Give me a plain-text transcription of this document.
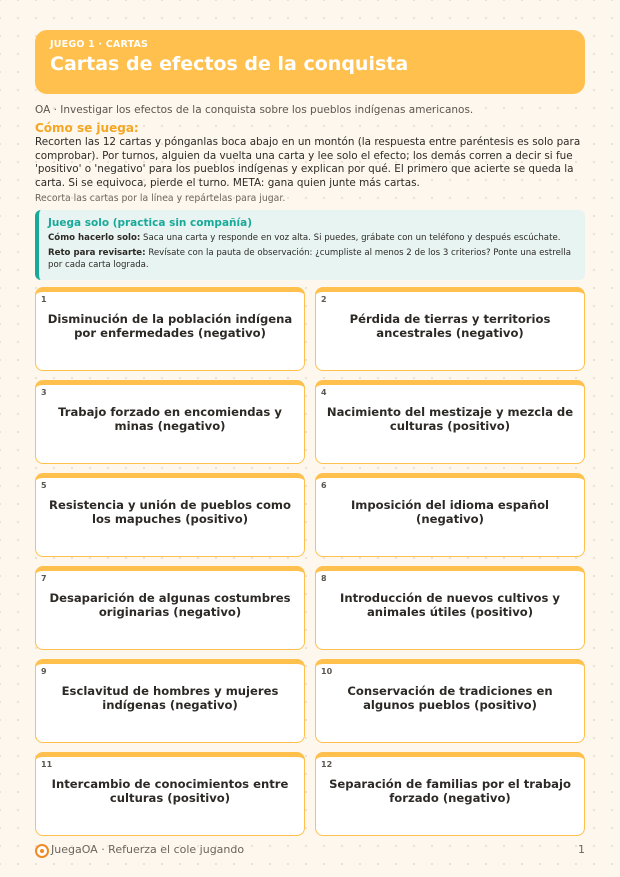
JUEGO 1 · CARTAS
Cartas de efectos de la conquista
OA · Investigar los efectos de la conquista sobre los pueblos indígenas americanos.
Cómo se juega:
Recorten las 12 cartas y pónganlas boca abajo en un montón (la respuesta entre paréntesis es solo para comprobar). Por turnos, alguien da vuelta una carta y lee solo el efecto; los demás corren a decir si fue 'positivo' o 'negativo' para los pueblos indígenas y explican por qué. El primero que acierte se queda la carta. Si se equivoca, pierde el turno. META: gana quien junte más cartas.
Recorta las cartas por la línea y repártelas para jugar.
Juega solo (practica sin compañía)
Cómo hacerlo solo: Saca una carta y responde en voz alta. Si puedes, grábate con un teléfono y después escúchate.
Reto para revisarte: Revísate con la pauta de observación: ¿cumpliste al menos 2 de los 3 criterios? Ponte una estrella por cada carta lograda.
1
Disminución de la población indígena por enfermedades (negativo)
2
Pérdida de tierras y territorios ancestrales (negativo)
3
Trabajo forzado en encomiendas y minas (negativo)
4
Nacimiento del mestizaje y mezcla de culturas (positivo)
5
Resistencia y unión de pueblos como los mapuches (positivo)
6
Imposición del idioma español (negativo)
7
Desaparición de algunas costumbres originarias (negativo)
8
Introducción de nuevos cultivos y animales útiles (positivo)
9
Esclavitud de hombres y mujeres indígenas (negativo)
10
Conservación de tradiciones en algunos pueblos (positivo)
11
Intercambio de conocimientos entre culturas (positivo)
12
Separación de familias por el trabajo forzado (negativo)
JuegaOA · Refuerza el cole jugando	1
